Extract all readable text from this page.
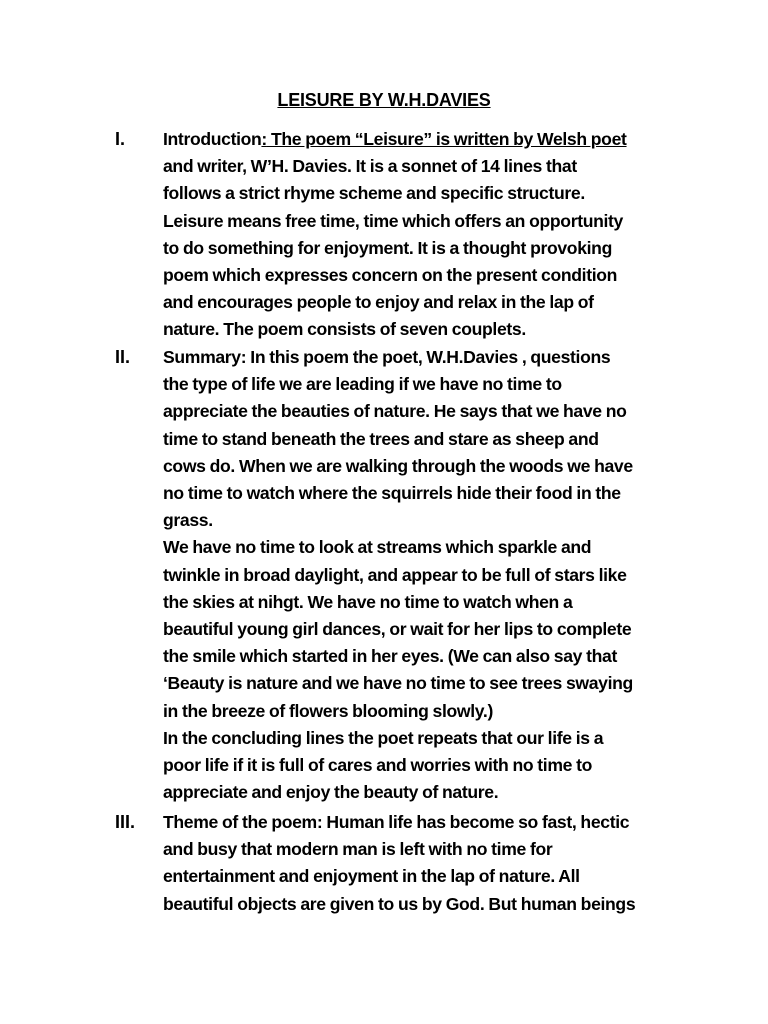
LEISURE BY W.H.DAVIES
I. Introduction: The poem “Leisure” is written by Welsh poet
and writer, W’H. Davies. It is a sonnet of 14 lines that
follows a strict rhyme scheme and specific structure.
Leisure means free time, time which offers an opportunity
to do something for enjoyment. It is a thought provoking
poem which expresses concern on the present condition
and encourages people to enjoy and relax in the lap of
nature. The poem consists of seven couplets.
II. Summary: In this poem the poet, W.H.Davies , questions
the type of life we are leading if we have no time to
appreciate the beauties of nature. He says that we have no
time to stand beneath the trees and stare as sheep and
cows do. When we are walking through the woods we have
no time to watch where the squirrels hide their food in the
grass.
We have no time to look at streams which sparkle and
twinkle in broad daylight, and appear to be full of stars like
the skies at nihgt. We have no time to watch when a
beautiful young girl dances, or wait for her lips to complete
the smile which started in her eyes. (We can also say that
‘Beauty is nature and we have no time to see trees swaying
in the breeze of flowers blooming slowly.)
In the concluding lines the poet repeats that our life is a
poor life if it is full of cares and worries with no time to
appreciate and enjoy the beauty of nature.
III. Theme of the poem: Human life has become so fast, hectic
and busy that modern man is left with no time for
entertainment and enjoyment in the lap of nature. All
beautiful objects are given to us by God. But human beings
